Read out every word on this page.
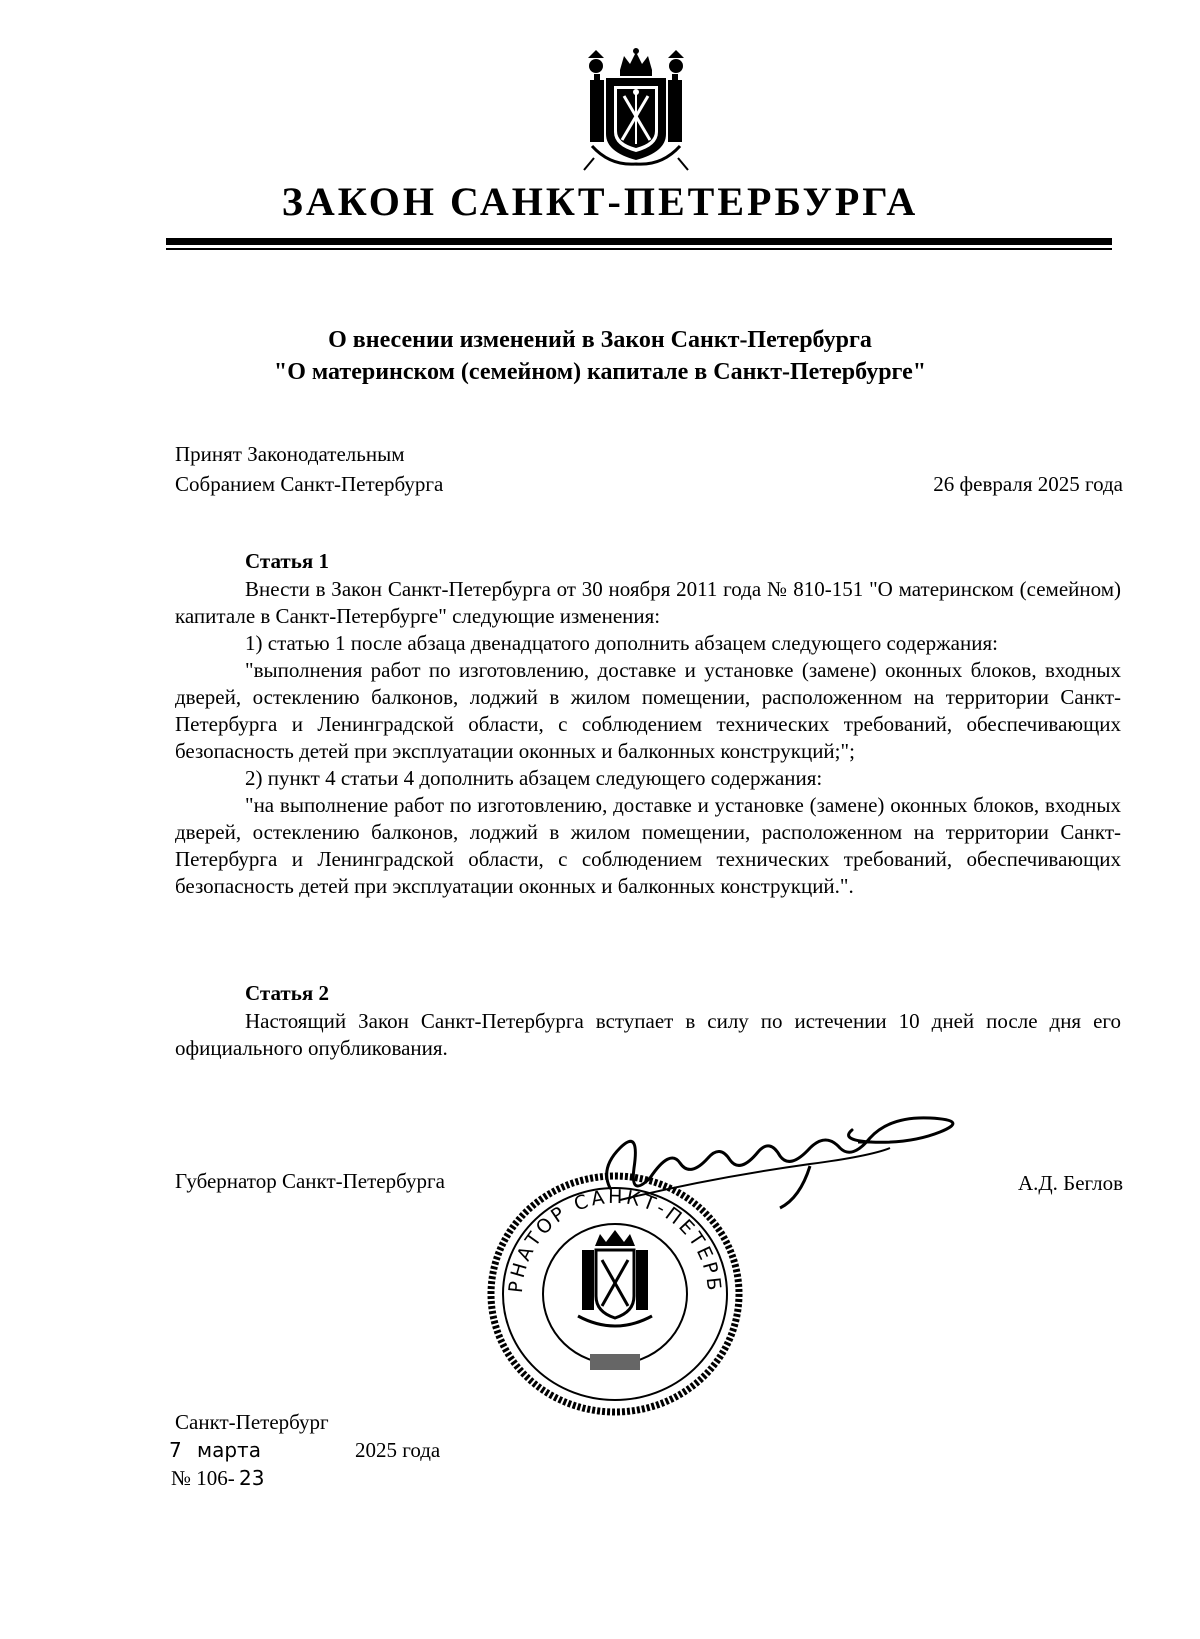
ЗАКОН САНКТ-ПЕТЕРБУРГА
О внесении изменений в Закон Санкт-Петербурга
"О материнском (семейном) капитале в Санкт-Петербурге"
Принят Законодательным
Собранием Санкт-Петербурга	26 февраля 2025 года
Статья 1
Внести в Закон Санкт-Петербурга от 30 ноября 2011 года № 810-151 "О материнском (семейном) капитале в Санкт-Петербурге" следующие изменения:
1) статью 1 после абзаца двенадцатого дополнить абзацем следующего содержания:
"выполнения работ по изготовлению, доставке и установке (замене) оконных блоков, входных дверей, остеклению балконов, лоджий в жилом помещении, расположенном на территории Санкт-Петербурга и Ленинградской области, с соблюдением технических требований, обеспечивающих безопасность детей при эксплуатации оконных и балконных конструкций;";
2) пункт 4 статьи 4 дополнить абзацем следующего содержания:
"на выполнение работ по изготовлению, доставке и установке (замене) оконных блоков, входных дверей, остеклению балконов, лоджий в жилом помещении, расположенном на территории Санкт-Петербурга и Ленинградской области, с соблюдением технических требований, обеспечивающих безопасность детей при эксплуатации оконных и балконных конструкций.".
Статья 2
Настоящий Закон Санкт-Петербурга вступает в силу по истечении 10 дней после дня его официального опубликования.
Губернатор Санкт-Петербурга	А.Д. Беглов
РНАТОР САНКТ-ПЕТЕРБ
Санкт-Петербург
7 марта	2025 года
№ 106- 23
